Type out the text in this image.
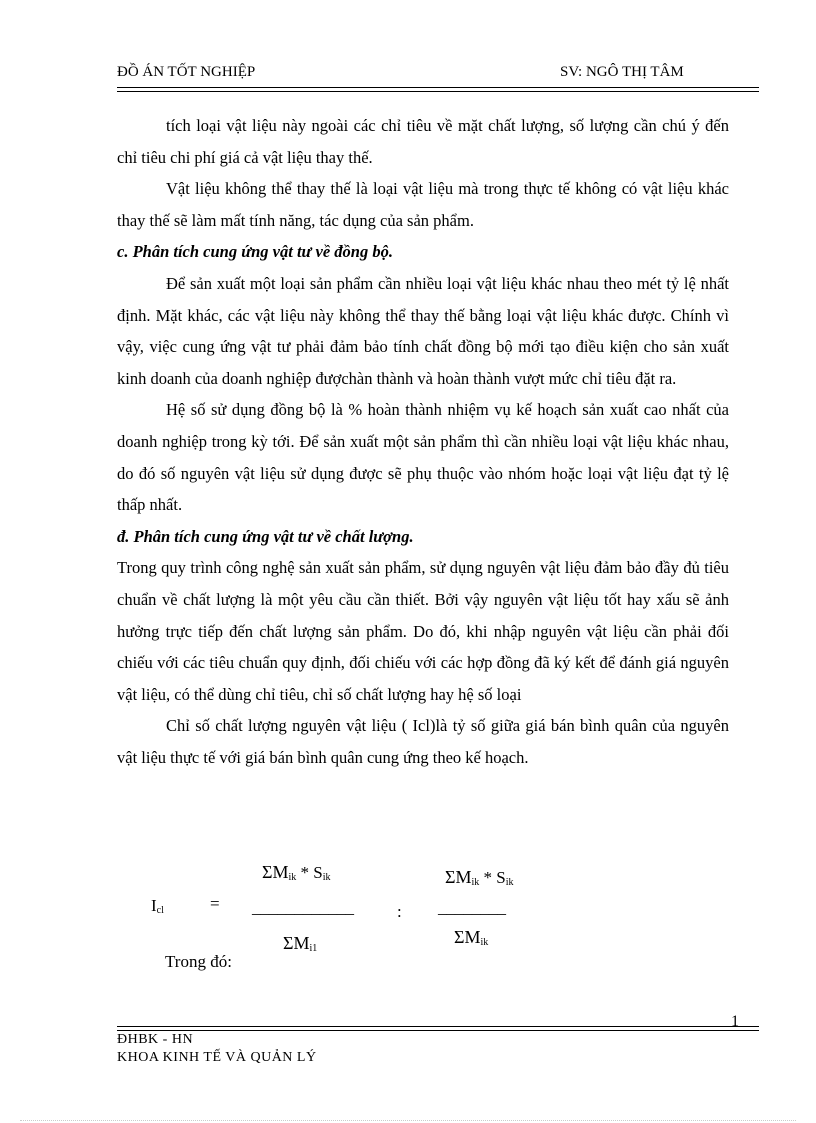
ĐỒ ÁN TỐT NGHIỆP	SV: NGÔ THỊ TÂM

tích loại vật liệu này ngoài các chỉ tiêu về mặt chất lượng, số lượng cần chú ý đến chỉ tiêu chi phí giá cả vật liệu thay thế.

Vật liệu không thể thay thế là loại vật liệu mà trong thực tế không có vật liệu khác thay thế sẽ làm mất tính năng, tác dụng của sản phẩm.

c. Phân tích cung ứng vật tư về đồng bộ.

Để sản xuất một loại sản phẩm cần nhiều loại vật liệu khác nhau theo mét tỷ lệ nhất định. Mặt khác, các vật liệu này không thể thay thế bằng loại vật liệu khác được. Chính vì vậy, việc cung ứng vật tư phải đảm bảo tính chất đồng bộ mới tạo điều kiện cho sản xuất kinh doanh của doanh nghiệp đượchàn thành và hoàn thành vượt mức chỉ tiêu đặt ra.

Hệ số sử dụng đồng bộ là % hoàn thành nhiệm vụ kế hoạch sản xuất cao nhất của doanh nghiệp trong kỳ tới. Để sản xuất một sản phẩm thì cần nhiều loại vật liệu khác nhau, do đó số nguyên vật liệu sử dụng được sẽ phụ thuộc vào nhóm hoặc loại vật liệu đạt tỷ lệ thấp nhất.

đ. Phân tích cung ứng vật tư về chất lượng.

Trong quy trình công nghệ sản xuất sản phẩm, sử dụng nguyên vật liệu đảm bảo đầy đủ tiêu chuẩn về chất lượng là một yêu cầu cần thiết. Bởi vậy nguyên vật liệu tốt hay xấu sẽ ảnh hưởng trực tiếp đến chất lượng sản phẩm. Do đó, khi nhập nguyên vật liệu cần phải đối chiếu với các tiêu chuẩn quy định, đối chiếu với các hợp đồng đã ký kết để đánh giá nguyên vật liệu, có thể dùng chỉ tiêu, chỉ số chất lượng hay hệ số loại

Chỉ số chất lượng nguyên vật liệu ( Icl)là tỷ số giữa giá bán bình quân của nguyên vật liệu thực tế với giá bán bình quân cung ứng theo kế hoạch.

$I_{cl}$	=
$\Sigma M_{ik} * S_{ik}$
____________
$\Sigma M_{i1}$
:
$\Sigma M_{ik} * S_{ik}$
________
$\Sigma M_{ik}$
Trong đó:
1
ĐHBK - HN
KHOA KINH TẾ VÀ QUẢN LÝ
